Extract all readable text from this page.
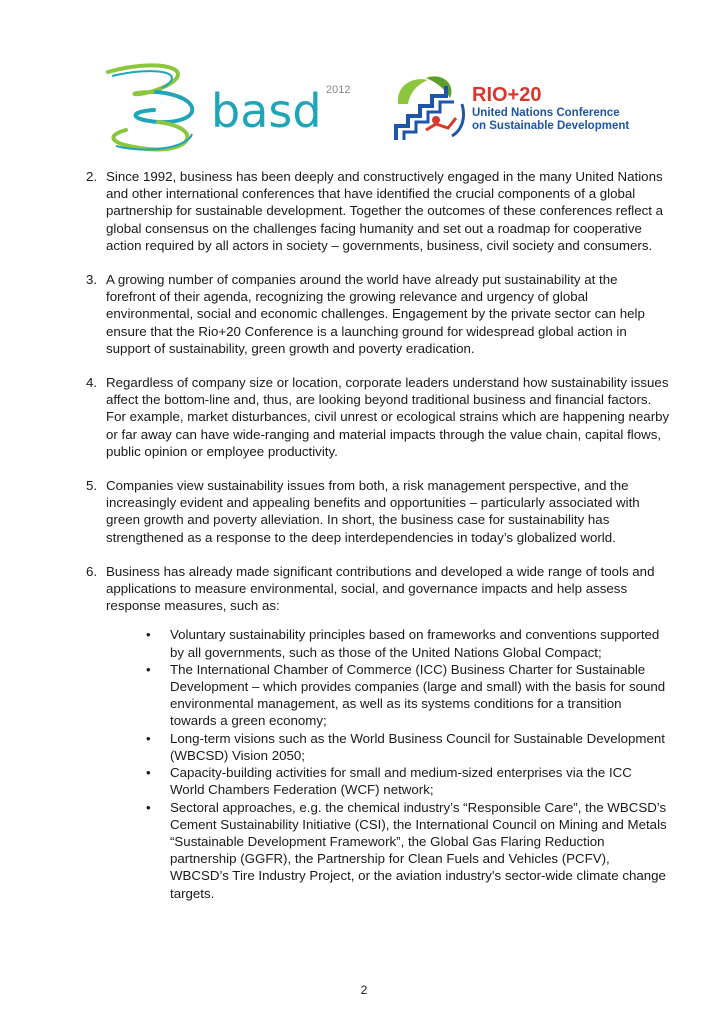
basd 2012	RIO+20
United Nations Conference
on Sustainable Development
2. Since 1992, business has been deeply and constructively engaged in the many United Nations and other international conferences that have identified the crucial components of a global partnership for sustainable development. Together the outcomes of these conferences reflect a global consensus on the challenges facing humanity and set out a roadmap for cooperative action required by all actors in society – governments, business, civil society and consumers.
3. A growing number of companies around the world have already put sustainability at the forefront of their agenda, recognizing the growing relevance and urgency of global environmental, social and economic challenges. Engagement by the private sector can help ensure that the Rio+20 Conference is a launching ground for widespread global action in support of sustainability, green growth and poverty eradication.
4. Regardless of company size or location, corporate leaders understand how sustainability issues affect the bottom-line and, thus, are looking beyond traditional business and financial factors. For example, market disturbances, civil unrest or ecological strains which are happening nearby or far away can have wide-ranging and material impacts through the value chain, capital flows, public opinion or employee productivity.
5. Companies view sustainability issues from both, a risk management perspective, and the increasingly evident and appealing benefits and opportunities – particularly associated with green growth and poverty alleviation. In short, the business case for sustainability has strengthened as a response to the deep interdependencies in today’s globalized world.
6. Business has already made significant contributions and developed a wide range of tools and applications to measure environmental, social, and governance impacts and help assess response measures, such as:
•	Voluntary sustainability principles based on frameworks and conventions supported by all governments, such as those of the United Nations Global Compact;
•	The International Chamber of Commerce (ICC) Business Charter for Sustainable Development – which provides companies (large and small) with the basis for sound environmental management, as well as its systems conditions for a transition towards a green economy;
•	Long-term visions such as the World Business Council for Sustainable Development (WBCSD) Vision 2050;
•	Capacity-building activities for small and medium-sized enterprises via the ICC World Chambers Federation (WCF) network;
•	Sectoral approaches, e.g. the chemical industry’s “Responsible Care”, the WBCSD’s Cement Sustainability Initiative (CSI), the International Council on Mining and Metals “Sustainable Development Framework”, the Global Gas Flaring Reduction partnership (GGFR), the Partnership for Clean Fuels and Vehicles (PCFV), WBCSD’s Tire Industry Project, or the aviation industry's sector-wide climate change targets.
2
